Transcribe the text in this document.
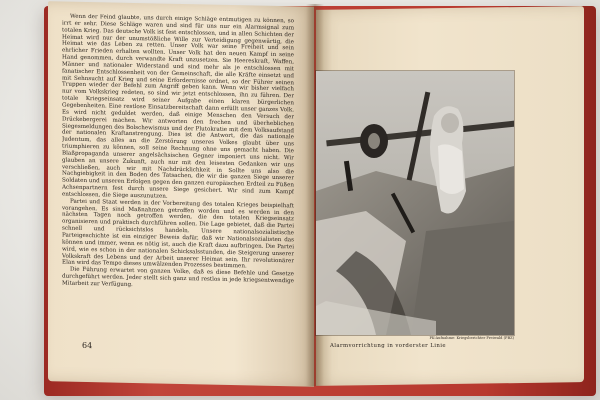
Wenn der Feind glaubte, uns durch einige Schläge entmutigen zu können, so irrt er sehr. Diese Schläge waren und sind für uns nur ein Alarmsignal zum totalen Krieg. Das deutsche Volk ist fest entschlossen, und in allen Schichten der Heimat wird nur der unumstößliche Wille zur Verteidigung gegenwärtig, die Heimat wie das Leben zu retten. Unser Volk war seine Freiheit und sein ehrlicher Frieden erhalten wollten. Unser Volk hat den neuen Kampf in seine Hand genommen, durch verwandte Kraft unzusetzen. Sie Heereskraft, Waffen, Männer und nationaler Widerstand und sind mehr als je entschlossen mit fanatischer Entschlossenheit von der Gemeinschaft, die alle Kräfte einsetzt und mit Sehnsucht auf Krieg und seine Erfordernisse ordnet, so der Führer seinen Truppen wieder der Befehl zum Angriff geben kann. Wenn wir bisher vielfach nur vom Volkskrieg redeten, so sind wir jetzt entschlossen, ihn zu führen. Der totale Kriegseinsatz wird seiner Aufgabe einen klaren bürgerlichen Gegebenheiten. Eine restlose Einsatzbereitschaft dann erfüllt unser ganzes Volk. Es wird nicht geduldet werden, daß einige Menschen den Versuch der Drückebergerei machen. Wir antworten den frechen und überheblichen Siegesmeldungen des Bolschewismus und der Plutokratie mit dem Volksaufstand der nationalen Kraftanstrengung. Dies ist die Antwort, die das nationale Judentum, das alles an die Zerstörung unseres Volkes glaubt über uns triumphieren zu können, soll seine Rechnung ohne uns gemacht haben. Die Blaßpropaganda unserer angelsächsischen Gegner imponiert uns nicht. Wir glauben an unsere Zukunft, auch nur mit den leisesten Gedanken wir uns verschließen, auch wir mit Nachdrücklichkeit in Sollte uns also die Nachgiebigkeit in den Boden des Tatsachen, die wir die ganzen Siege unserer Soldaten und unseren Erfolgen gegen den ganzen europäischen Erdteil zu Füßen Achsenpartnern fest durch unsere Siege gesichert. Wir sind zum Kampf entschlossen, die Siege auszunutzen.

Partei und Staat werden in der Vorbereitung des totalen Krieges beispielhaft vorangehen. Es sind Maßnahmen getroffen worden und es werden in den nächsten Tagen noch getroffen werden, die den totalen Kriegseinsatz organisieren und praktisch durchführen sollen. Die Lage gebietet, daß die Partei schnell und rücksichtslos handeln. Unsere nationalsozialistische Parteigeschichte ist ein einziger Beweis dafür, daß wir Nationalsozialisten das können und immer, wenn es nötig ist, auch die Kraft dazu aufbringen. Die Partei wird, wie es schon in der nationalen Schicksalsstunden, die Steigerung unserer Volkskraft des Lebens und der Arbeit unserer Heimat sein. Ihr revolutionärer Elan wird das Tempo dieses umwälzenden Prozesses bestimmen.

Die Führung erwartet von ganzen Volke, daß es diese Befehle und Gesetze durchgeführt werden. Jeder stellt sich ganz und restlos in jede kriegsentwendige Mitarbeit zur Verfügung.

64
PK-Aufnahme: Kriegsberichter Freiwald (PBZ)
Alarmvorrichtung in vorderster Linie
